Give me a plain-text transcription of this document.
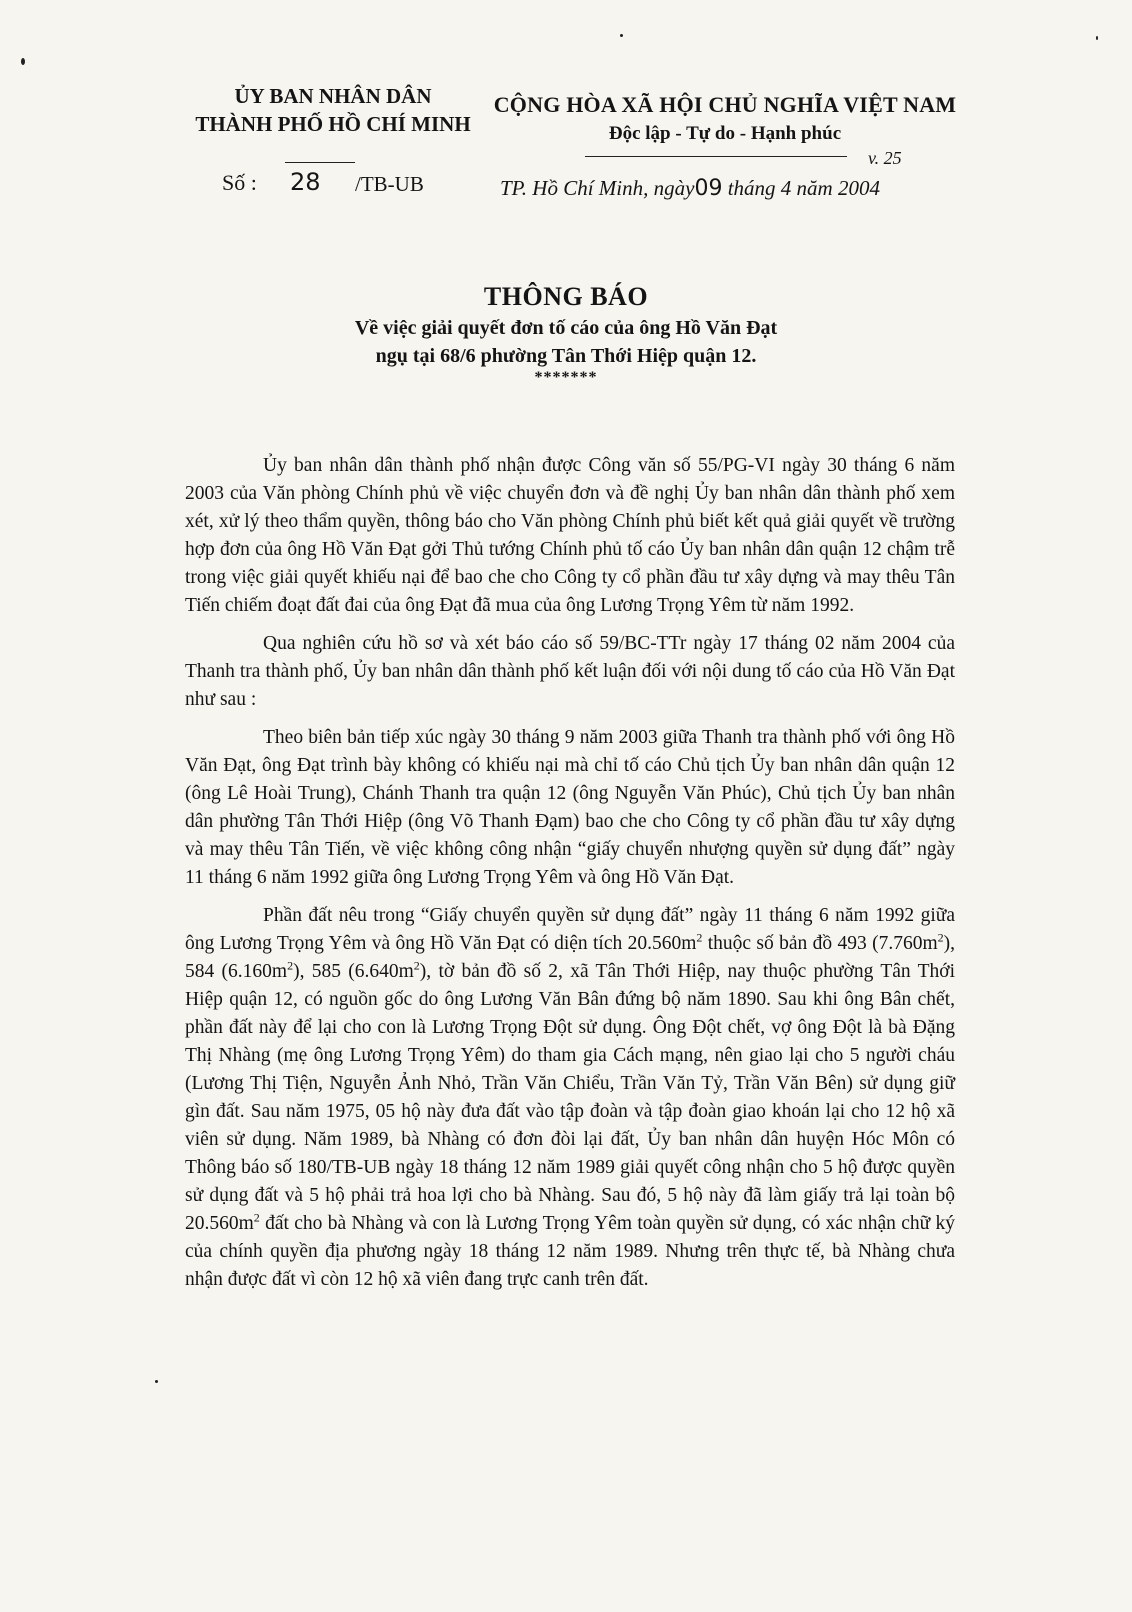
ỦY BAN NHÂN DÂN
THÀNH PHỐ HỒ CHÍ MINH
CỘNG HÒA XÃ HỘI CHỦ NGHĨA VIỆT NAM
Độc lập - Tự do - Hạnh phúc
v. 25
Số : 28 /TB-UB	TP. Hồ Chí Minh, ngày09 tháng 4 năm 2004
THÔNG BÁO
Về việc giải quyết đơn tố cáo của ông Hồ Văn Đạt
ngụ tại 68/6 phường Tân Thới Hiệp quận 12.
*******

Ủy ban nhân dân thành phố nhận được Công văn số 55/PG-VI ngày 30 tháng 6 năm 2003 của Văn phòng Chính phủ về việc chuyển đơn và đề nghị Ủy ban nhân dân thành phố xem xét, xử lý theo thẩm quyền, thông báo cho Văn phòng Chính phủ biết kết quả giải quyết về trường hợp đơn của ông Hồ Văn Đạt gởi Thủ tướng Chính phủ tố cáo Ủy ban nhân dân quận 12 chậm trễ trong việc giải quyết khiếu nại để bao che cho Công ty cổ phần đầu tư xây dựng và may thêu Tân Tiến chiếm đoạt đất đai của ông Đạt đã mua của ông Lương Trọng Yêm từ năm 1992.

Qua nghiên cứu hồ sơ và xét báo cáo số 59/BC-TTr ngày 17 tháng 02 năm 2004 của Thanh tra thành phố, Ủy ban nhân dân thành phố kết luận đối với nội dung tố cáo của Hồ Văn Đạt như sau :

Theo biên bản tiếp xúc ngày 30 tháng 9 năm 2003 giữa Thanh tra thành phố với ông Hồ Văn Đạt, ông Đạt trình bày không có khiếu nại mà chỉ tố cáo Chủ tịch Ủy ban nhân dân quận 12 (ông Lê Hoài Trung), Chánh Thanh tra quận 12 (ông Nguyễn Văn Phúc), Chủ tịch Ủy ban nhân dân phường Tân Thới Hiệp (ông Võ Thanh Đạm) bao che cho Công ty cổ phần đầu tư xây dựng và may thêu Tân Tiến, về việc không công nhận “giấy chuyển nhượng quyền sử dụng đất” ngày 11 tháng 6 năm 1992 giữa ông Lương Trọng Yêm và ông Hồ Văn Đạt.

Phần đất nêu trong “Giấy chuyển quyền sử dụng đất” ngày 11 tháng 6 năm 1992 giữa ông Lương Trọng Yêm và ông Hồ Văn Đạt có diện tích $20.560m^2$ thuộc số bản đồ 493 $(7.760m^2)$, 584 $(6.160m^2)$, 585 $(6.640m^2)$, tờ bản đồ số 2, xã Tân Thới Hiệp, nay thuộc phường Tân Thới Hiệp quận 12, có nguồn gốc do ông Lương Văn Bân đứng bộ năm 1890. Sau khi ông Bân chết, phần đất này để lại cho con là Lương Trọng Đột sử dụng. Ông Đột chết, vợ ông Đột là bà Đặng Thị Nhàng (mẹ ông Lương Trọng Yêm) do tham gia Cách mạng, nên giao lại cho 5 người cháu (Lương Thị Tiện, Nguyễn Ảnh Nhỏ, Trần Văn Chiểu, Trần Văn Tỷ, Trần Văn Bên) sử dụng giữ gìn đất. Sau năm 1975, 05 hộ này đưa đất vào tập đoàn và tập đoàn giao khoán lại cho 12 hộ xã viên sử dụng. Năm 1989, bà Nhàng có đơn đòi lại đất, Ủy ban nhân dân huyện Hóc Môn có Thông báo số 180/TB-UB ngày 18 tháng 12 năm 1989 giải quyết công nhận cho 5 hộ được quyền sử dụng đất và 5 hộ phải trả hoa lợi cho bà Nhàng. Sau đó, 5 hộ này đã làm giấy trả lại toàn bộ $20.560m^2$ đất cho bà Nhàng và con là Lương Trọng Yêm toàn quyền sử dụng, có xác nhận chữ ký của chính quyền địa phương ngày 18 tháng 12 năm 1989. Nhưng trên thực tế, bà Nhàng chưa nhận được đất vì còn 12 hộ xã viên đang trực canh trên đất.
